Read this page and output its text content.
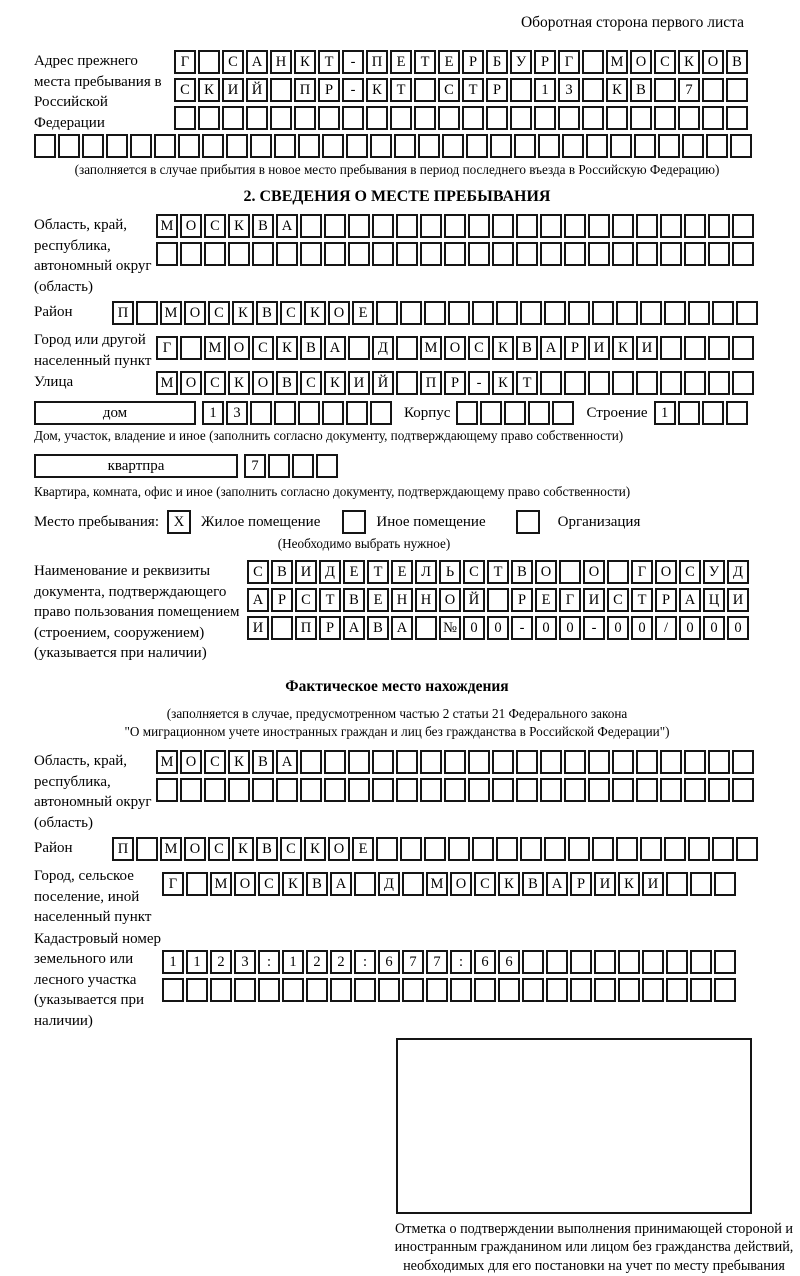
Оборотная сторона первого листа
Адрес прежнего места пребывания в Российской Федерации
Г	С А Н К	Т	-	П Е	Т	Е	Р	Б	У	Р	Г	М О С К О В
С К И Й	П	Р	-	К	Т	С	Т	Р	1	3	К В	7
(заполняется в случае прибытия в новое место пребывания в период последнего въезда в Российскую Федерацию)
2. СВЕДЕНИЯ О МЕСТЕ ПРЕБЫВАНИЯ
Область, край, республика, автономный округ (область)
М О С К В А
Район	П	М О С К В С К О Е
Город или другой населенный пункт
Г	М О С К В А	Д	М О С К В А	Р	И К И
Улица	М О С К О В С К И Й	П	Р	-	К	Т
дом	1	3	Корпус	Строение 1
Дом, участок, владение и иное (заполнить согласно документу, подтверждающему право собственности)
квартпра	7
Квартира, комната, офис и иное (заполнить согласно документу, подтверждающему право собственности)
Место пребывания:	X	Жилое помещение	Иное помещение	Организация
(Необходимо выбрать нужное)
Наименование и реквизиты документа, подтверждающего право пользования помещением (строением, сооружением) (указывается при наличии)
С В И Д	Е	Т	Е	Л	Ь	С	Т	В О	О	Г	О С У Д
А	Р	С	Т	В	Е Н Н О Й	Р	Е	Г	И С	Т	Р	А Ц И
И	П	Р	А В А	№ 0	0	-	0	0	-	0	0	/	0	0	0
Фактическое место нахождения
(заполняется в случае, предусмотренном частью 2 статьи 21 Федерального закона
"О миграционном учете иностранных граждан и лиц без гражданства в Российской Федерации")
Область, край, республика, автономный округ (область)
М О С К В А
Район	П	М О С К В С К О Е
Город, сельское поселение, иной населенный пункт
Г	М О С К В А	Д	М О С К В А	Р	И К И
Кадастровый номер земельного или лесного участка (указывается при наличии)
1	1	2	3	:	1	2	2	:	6	7	7	:	6	6
Отметка о подтверждении выполнения принимающей стороной и иностранным гражданином или лицом без гражданства действий, необходимых для его постановки на учет по месту пребывания
